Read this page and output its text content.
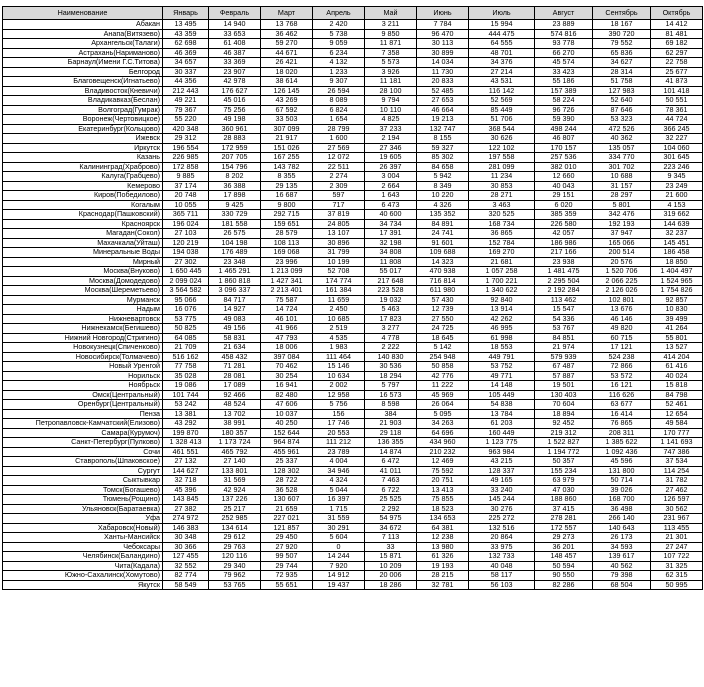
Наименование	Январь	Февраль	Март	Апрель	Май	Июнь	Июль	Август	Сентябрь	Октябрь
Абакан	13 495	14 940	13 768	2 420	3 211	7 784	15 994	23 889	18 167	14 412
Анапа(Витязево)	43 359	33 653	36 462	5 738	9 850	96 470	444 475	574 816	390 720	81 481
Архангельск(Талаги)	62 698	61 408	59 270	9 059	11 871	30 113	64 555	93 778	79 552	69 182
Астрахань(Нариманово)	46 369	46 387	44 671	6 234	7 358	30 899	48 701	66 270	65 836	62 297
Барнаул(Имени Г.С.Титова)	34 657	33 369	26 421	4 132	5 573	14 034	34 376	45 574	34 627	22 758
Белгород	30 337	23 907	18 020	1 233	3 926	11 730	27 214	33 423	28 314	25 677
Благовещенск(Игнатьево)	44 356	42 978	38 614	9 307	11 181	20 833	43 531	55 186	51 758	41 873
Владивосток(Кневичи)	212 443	176 627	126 145	26 594	28 100	52 485	116 142	157 389	127 983	101 418
Владикавказ(Беслан)	49 221	45 016	43 269	8 089	9 794	27 653	52 569	58 224	52 640	50 551
Волгоград(Гумрак)	79 367	75 256	67 592	6 824	10 110	46 664	85 449	96 726	87 646	78 361
Воронеж(Чертовицкое)	55 220	49 198	33 503	1 654	4 825	19 213	51 706	59 390	53 323	44 724
Екатеринбург(Кольцово)	420 348	360 961	307 099	28 799	37 233	132 747	368 544	498 244	472 526	366 245
Ижевск	29 312	28 883	21 917	1 600	2 194	8 155	30 626	46 807	40 362	32 227
Иркутск	196 554	172 959	151 026	27 569	27 346	59 327	122 102	170 157	135 057	104 060
Казань	226 985	207 705	167 255	12 072	19 605	85 302	197 558	257 536	334 770	301 645
Калининград(Храброво)	172 858	154 796	143 782	22 511	26 397	84 658	281 099	382 010	301 702	223 246
Калуга(Грабцево)	9 885	8 202	8 355	2 274	3 004	5 942	11 234	12 660	10 688	9 345
Кемерово	37 174	36 388	29 135	2 309	2 664	8 349	30 853	40 043	31 157	23 249
Киров(Победилово)	20 748	17 898	16 687	597	1 643	10 220	28 271	29 151	28 297	21 600
Когалым	10 055	9 425	9 800	717	6 473	4 326	3 463	6 020	5 801	4 153
Краснодар(Пашковский)	365 711	330 729	292 715	37 819	40 600	135 352	320 525	385 359	342 476	319 662
Красноярск	196 024	181 558	159 651	24 805	34 734	84 891	168 734	226 580	192 193	144 639
Магадан(Сокол)	27 103	26 575	28 579	13 107	17 391	24 741	36 865	42 057	37 947	32 237
Махачкала(Уйташ)	120 219	104 198	108 113	30 896	32 198	91 601	152 784	186 986	165 066	145 451
Минеральные Воды	194 038	176 489	169 068	31 799	34 808	109 688	169 270	217 166	200 514	186 458
Мирный	27 302	23 348	23 996	10 199	11 808	14 323	21 681	23 938	20 576	18 850
Москва(Внуково)	1 650 445	1 465 291	1 213 099	52 708	55 017	470 938	1 057 258	1 481 475	1 520 706	1 404 497
Москва(Домодедово)	2 099 024	1 860 818	1 427 341	174 774	217 648	716 814	1 700 221	2 295 504	2 066 225	1 524 965
Москва(Шереметьево)	3 564 582	3 096 337	2 213 401	161 384	223 528	611 980	1 340 622	2 192 284	2 126 026	1 754 826
Мурманск	95 066	84 717	75 587	11 659	19 032	57 430	92 840	113 462	102 801	92 857
Надым	16 076	14 927	14 724	2 450	5 463	12 739	13 914	15 547	13 676	10 830
Нижневартовск	53 775	49 083	46 101	10 685	17 823	27 550	42 262	54 336	46 146	39 499
Нижнекамск(Бегишево)	50 825	49 156	41 966	2 519	3 277	24 725	46 995	53 767	49 820	41 264
Нижний Новгород(Стригино)	64 085	58 831	47 793	4 535	4 778	18 645	61 998	84 851	60 715	55 801
Новокузнецк(Спиченково)	21 709	21 634	18 006	1 983	2 222	5 142	18 553	21 974	17 121	13 527
Новосибирск(Толмачево)	516 162	458 432	397 084	111 464	140 830	254 948	449 791	579 939	524 238	414 204
Новый Уренгой	77 758	71 281	70 462	15 146	30 536	50 858	53 752	67 487	72 866	61 416
Норильск	35 028	28 081	30 254	10 634	18 294	42 776	49 771	57 887	53 572	40 024
Ноябрьск	19 086	17 089	16 941	2 002	5 797	11 222	14 148	19 501	16 121	15 818
Омск(Центральный)	101 744	92 466	82 480	12 958	16 573	45 969	105 449	130 403	116 626	84 798
Оренбург(Центральный)	53 242	48 524	47 606	5 756	8 598	26 064	54 838	70 604	63 677	52 461
Пенза	13 381	13 702	10 037	156	384	5 095	13 784	18 894	16 414	12 654
Петропавловск-Камчатский(Елизово)	43 292	38 991	40 250	17 746	21 903	34 263	61 203	92 452	76 865	49 584
Самара(Курумоч)	199 870	180 357	152 644	20 553	29 118	64 696	160 449	219 312	208 311	170 777
Санкт-Петербург(Пулково)	1 328 413	1 173 724	964 874	111 212	136 355	434 960	1 123 775	1 522 827	1 385 622	1 141 693
Сочи	461 551	465 792	455 961	23 789	14 874	210 232	963 984	1 194 772	1 092 436	747 386
Ставрополь(Шпаковское)	27 132	27 140	25 337	4 004	6 472	12 469	43 215	50 357	45 596	37 534
Сургут	144 627	133 801	128 302	34 946	41 011	75 592	128 337	155 234	131 800	114 254
Сыктывкар	32 718	31 569	28 722	4 324	7 463	20 751	49 165	63 979	50 714	31 782
Томск(Богашево)	45 396	42 924	36 528	5 044	6 722	13 413	33 240	47 030	39 026	27 462
Тюмень(Рощино)	143 845	137 226	130 607	16 397	25 525	75 855	145 244	188 860	168 700	126 597
Ульяновск(Баратаевка)	27 382	25 217	21 659	1 715	2 292	18 523	30 276	37 415	36 498	30 562
Уфа	274 972	252 985	227 021	31 559	54 975	134 653	225 272	278 281	266 140	231 967
Хабаровск(Новый)	146 383	134 614	121 857	30 291	34 672	64 381	132 516	172 557	140 643	113 455
Ханты-Мансийск	30 348	29 612	29 450	5 604	7 113	12 238	20 864	29 273	26 173	21 301
Чебоксары	30 366	29 763	27 920	0	33	13 980	33 975	36 201	34 593	27 247
Челябинск(Баландино)	127 455	120 116	99 507	14 244	15 871	61 326	132 733	148 457	139 617	107 722
Чита(Кадала)	32 552	29 340	29 744	7 920	10 209	19 193	40 048	50 594	40 562	31 325
Южно-Сахалинск(Хомутово)	82 774	79 962	72 935	14 912	20 006	28 215	58 117	90 550	79 398	62 315
Якутск	58 549	53 765	55 651	19 437	18 286	32 781	56 103	82 286	68 504	50 995
